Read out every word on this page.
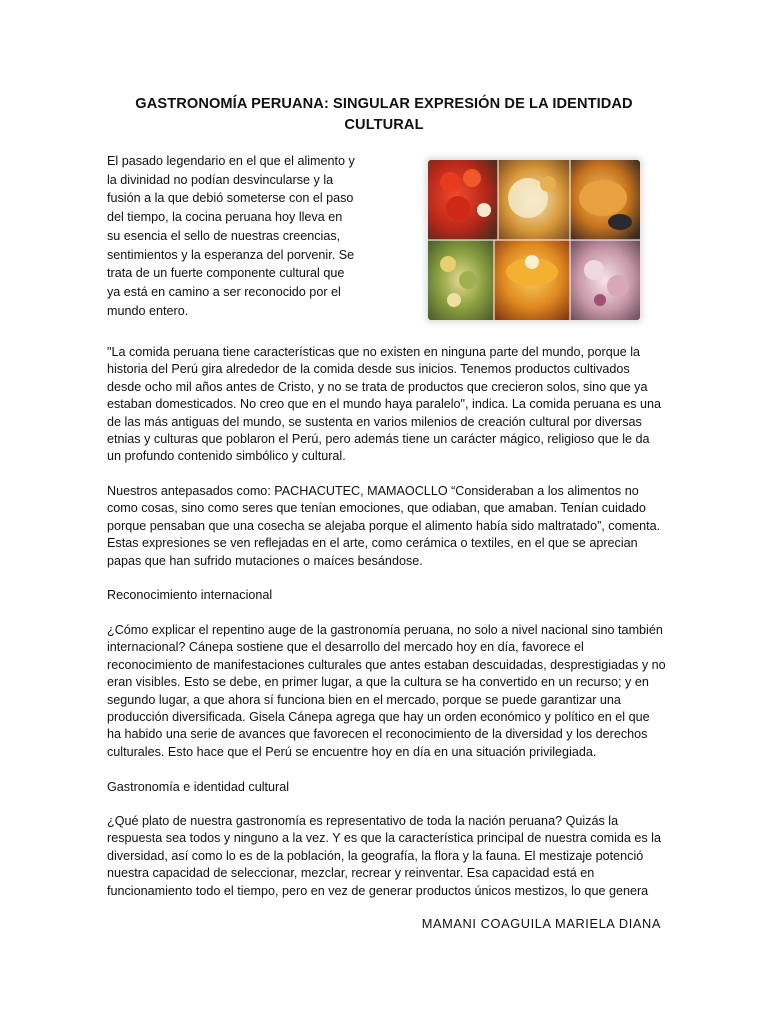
GASTRONOMÍA PERUANA: SINGULAR EXPRESIÓN DE LA IDENTIDAD CULTURAL
El pasado legendario en el que el alimento y la divinidad no podían desvincularse y la fusión a la que debió someterse con el paso del tiempo, la cocina peruana hoy lleva en su esencia el sello de nuestras creencias, sentimientos y la esperanza del porvenir. Se trata de un fuerte componente cultural que ya está en camino a ser reconocido por el mundo entero.

"La comida peruana tiene características que no existen en ninguna parte del mundo, porque la historia del Perú gira alrededor de la comida desde sus inicios. Tenemos productos cultivados desde ocho mil años antes de Cristo, y no se trata de productos que crecieron solos, sino que ya estaban domesticados. No creo que en el mundo haya paralelo", indica. La comida peruana es una de las más antiguas del mundo, se sustenta en varios milenios de creación cultural por diversas etnias y culturas que poblaron el Perú, pero además tiene un carácter mágico, religioso que le da un profundo contenido simbólico y cultural.

Nuestros antepasados como: PACHACUTEC, MAMAOCLLO “Consideraban a los alimentos no como cosas, sino como seres que tenían emociones, que odiaban, que amaban. Tenían cuidado porque pensaban que una cosecha se alejaba porque el alimento había sido maltratado”, comenta. Estas expresiones se ven reflejadas en el arte, como cerámica o textiles, en el que se aprecian papas que han sufrido mutaciones o maíces besándose.

Reconocimiento internacional

¿Cómo explicar el repentino auge de la gastronomía peruana, no solo a nivel nacional sino también internacional? Cánepa sostiene que el desarrollo del mercado hoy en día, favorece el reconocimiento de manifestaciones culturales que antes estaban descuidadas, desprestigiadas y no eran visibles. Esto se debe, en primer lugar, a que la cultura se ha convertido en un recurso; y en segundo lugar, a que ahora sí funciona bien en el mercado, porque se puede garantizar una producción diversificada. Gisela Cánepa agrega que hay un orden económico y político en el que ha habido una serie de avances que favorecen el reconocimiento de la diversidad y los derechos culturales. Esto hace que el Perú se encuentre hoy en día en una situación privilegiada.

Gastronomía e identidad cultural

¿Qué plato de nuestra gastronomía es representativo de toda la nación peruana? Quizás la respuesta sea todos y ninguno a la vez. Y es que la característica principal de nuestra comida es la diversidad, así como lo es de la población, la geografía, la flora y la fauna. El mestizaje potenció nuestra capacidad de seleccionar, mezclar, recrear y reinventar. Esa capacidad está en funcionamiento todo el tiempo, pero en vez de generar productos únicos mestizos, lo que genera

MAMANI COAGUILA MARIELA DIANA
